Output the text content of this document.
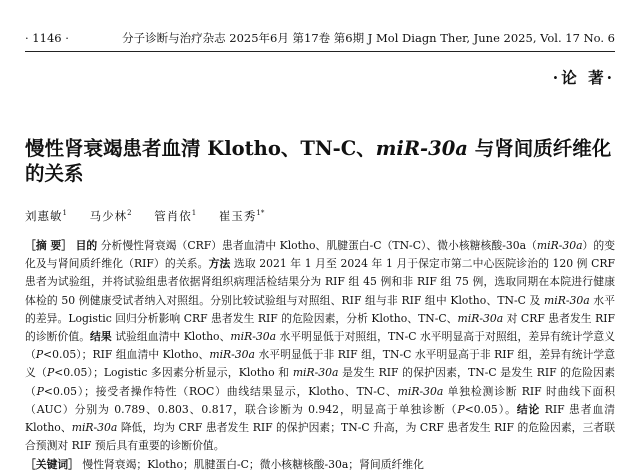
· 1146 ·	分子诊断与治疗杂志 2025年6月 第17卷 第6期 J Mol Diagn Ther, June 2025, Vol. 17 No. 6
·论 著·
慢性肾衰竭患者血清 Klotho、TN-C、miR-30a 与肾间质纤维化的关系
刘惠敏$^1$ 马少林$^2$ 管肖依$^1$ 崔玉秀$^{1*}$

［摘 要］ 目的 分析慢性肾衰竭（CRF）患者血清中 Klotho、肌腱蛋白-C（TN-C）、微小核糖核酸-30a（miR-30a）的变化及与肾间质纤维化（RIF）的关系。方法 选取 2021 年 1 月至 2024 年 1 月于保定市第二中心医院诊治的 120 例 CRF 患者为试验组，并将试验组患者依据肾组织病理活检结果分为 RIF 组 45 例和非 RIF 组 75 例，选取同期在本院进行健康体检的 50 例健康受试者纳入对照组。分别比较试验组与对照组、RIF 组与非 RIF 组中 Klotho、TN-C 及 miR-30a 水平的差异。Logistic 回归分析影响 CRF 患者发生 RIF 的危险因素，分析 Klotho、TN-C、miR-30a 对 CRF 患者发生 RIF 的诊断价值。结果 试验组血清中 Klotho、miR-30a 水平明显低于对照组，TN-C 水平明显高于对照组，差异有统计学意义（P<0.05）；RIF 组血清中 Klotho、miR-30a 水平明显低于非 RIF 组，TN-C 水平明显高于非 RIF 组，差异有统计学意义（P<0.05）；Logistic 多因素分析显示，Klotho 和 miR-30a 是发生 RIF 的保护因素，TN-C 是发生 RIF 的危险因素（P<0.05）；接受者操作特性（ROC）曲线结果显示，Klotho、TN-C、miR-30a 单独检测诊断 RIF 时曲线下面积（AUC）分别为 0.789、0.803、0.817，联合诊断为 0.942，明显高于单独诊断（P<0.05）。结论 RIF 患者血清 Klotho、miR-30a 降低，均为 CRF 患者发生 RIF 的保护因素；TN-C 升高，为 CRF 患者发生 RIF 的危险因素，三者联合预测对 RIF 预后具有重要的诊断价值。

［关键词］ 慢性肾衰竭；Klotho；肌腱蛋白-C；微小核糖核酸-30a；肾间质纤维化
